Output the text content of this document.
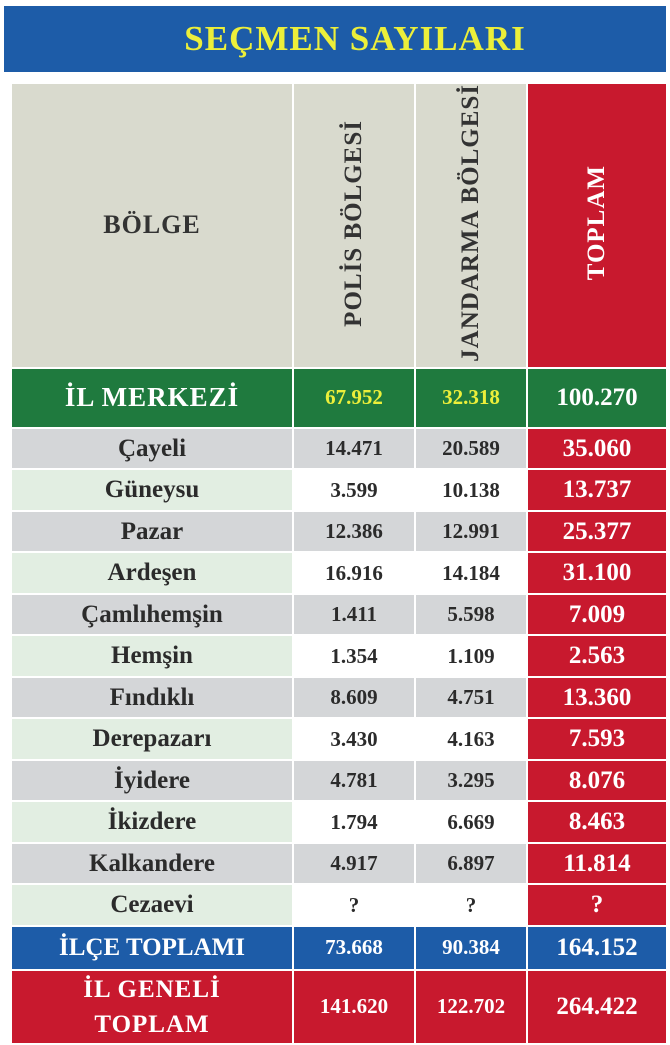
SEÇMEN SAYILARI
BÖLGE	POLİS BÖLGESİ	JANDARMA BÖLGESİ	TOPLAM
İL MERKEZİ	67.952	32.318	100.270
Çayeli	14.471	20.589	35.060
Güneysu	3.599	10.138	13.737
Pazar	12.386	12.991	25.377
Ardeşen	16.916	14.184	31.100
Çamlıhemşin	1.411	5.598	7.009
Hemşin	1.354	1.109	2.563
Fındıklı	8.609	4.751	13.360
Derepazarı	3.430	4.163	7.593
İyidere	4.781	3.295	8.076
İkizdere	1.794	6.669	8.463
Kalkandere	4.917	6.897	11.814
Cezaevi	?	?	?
İLÇE TOPLAMI	73.668	90.384	164.152

İL GENELİ
TOPLAM	141.620	122.702	264.422
